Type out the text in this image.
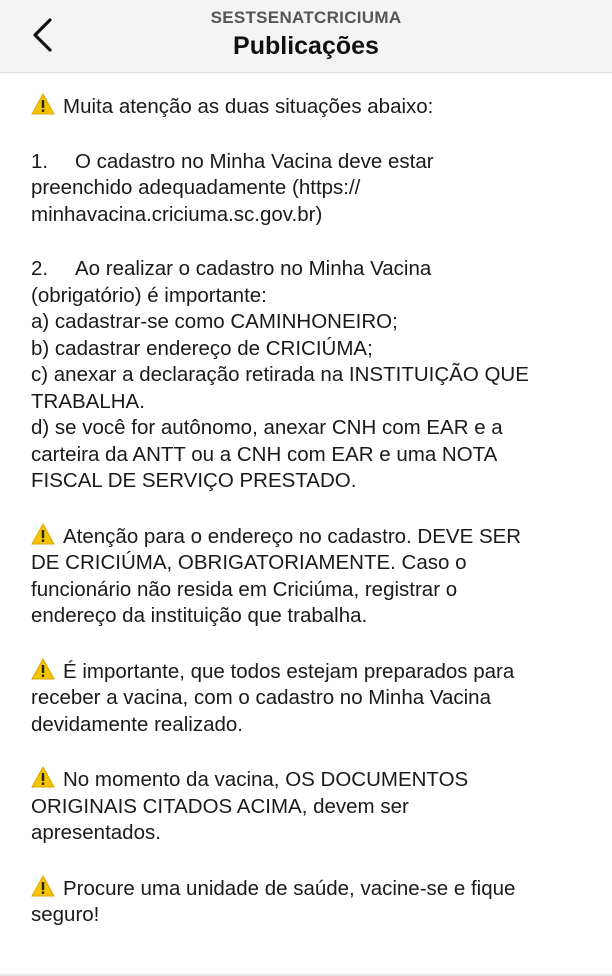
SESTSENATCRICIUMA
Publicações
Muita atenção as duas situações abaixo:
1. O cadastro no Minha Vacina deve estar
preenchido adequadamente (https://
minhavacina.criciuma.sc.gov.br)
2. Ao realizar o cadastro no Minha Vacina
(obrigatório) é importante:
a) cadastrar-se como CAMINHONEIRO;
b) cadastrar endereço de CRICIÚMA;
c) anexar a declaração retirada na INSTITUIÇÃO QUE
TRABALHA.
d) se você for autônomo, anexar CNH com EAR e a
carteira da ANTT ou a CNH com EAR e uma NOTA
FISCAL DE SERVIÇO PRESTADO.
Atenção para o endereço no cadastro. DEVE SER
DE CRICIÚMA, OBRIGATORIAMENTE. Caso o
funcionário não resida em Criciúma, registrar o
endereço da instituição que trabalha.
É importante, que todos estejam preparados para
receber a vacina, com o cadastro no Minha Vacina
devidamente realizado.
No momento da vacina, OS DOCUMENTOS
ORIGINAIS CITADOS ACIMA, devem ser
apresentados.
Procure uma unidade de saúde, vacine-se e fique
seguro!
